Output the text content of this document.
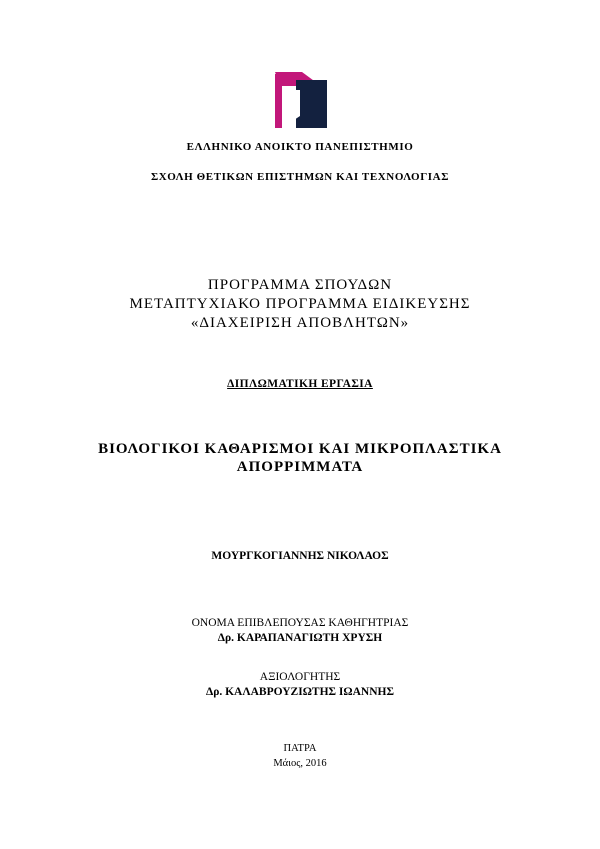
ΕΛΛΗΝΙΚΟ ΑΝΟΙΚΤΟ ΠΑΝΕΠΙΣΤΗΜΙΟ
ΣΧΟΛΗ ΘΕΤΙΚΩΝ ΕΠΙΣΤΗΜΩΝ ΚΑΙ ΤΕΧΝΟΛΟΓΙΑΣ
ΠΡΟΓΡΑΜΜΑ ΣΠΟΥΔΩΝ
ΜΕΤΑΠΤΥΧΙΑΚΟ ΠΡΟΓΡΑΜΜΑ ΕΙΔΙΚΕΥΣΗΣ
«ΔΙΑΧΕΙΡΙΣΗ ΑΠΟΒΛΗΤΩΝ»
ΔΙΠΛΩΜΑΤΙΚΗ ΕΡΓΑΣΙΑ
ΒΙΟΛΟΓΙΚΟΙ ΚΑΘΑΡΙΣΜΟΙ ΚΑΙ ΜΙΚΡΟΠΛΑΣΤΙΚΑ
ΑΠΟΡΡΙΜΜΑΤΑ
ΜΟΥΡΓΚΟΓΙΑΝΝΗΣ ΝΙΚΟΛΑΟΣ
ΟΝΟΜΑ ΕΠΙΒΛΕΠΟΥΣΑΣ ΚΑΘΗΓΗΤΡΙΑΣ
Δρ. ΚΑΡΑΠΑΝΑΓΙΩΤΗ ΧΡΥΣΗ
ΑΞΙΟΛΟΓΗΤΗΣ
Δρ. ΚΑΛΑΒΡΟΥΖΙΩΤΗΣ ΙΩΑΝΝΗΣ
ΠΑΤΡΑ
Μάιος, 2016
